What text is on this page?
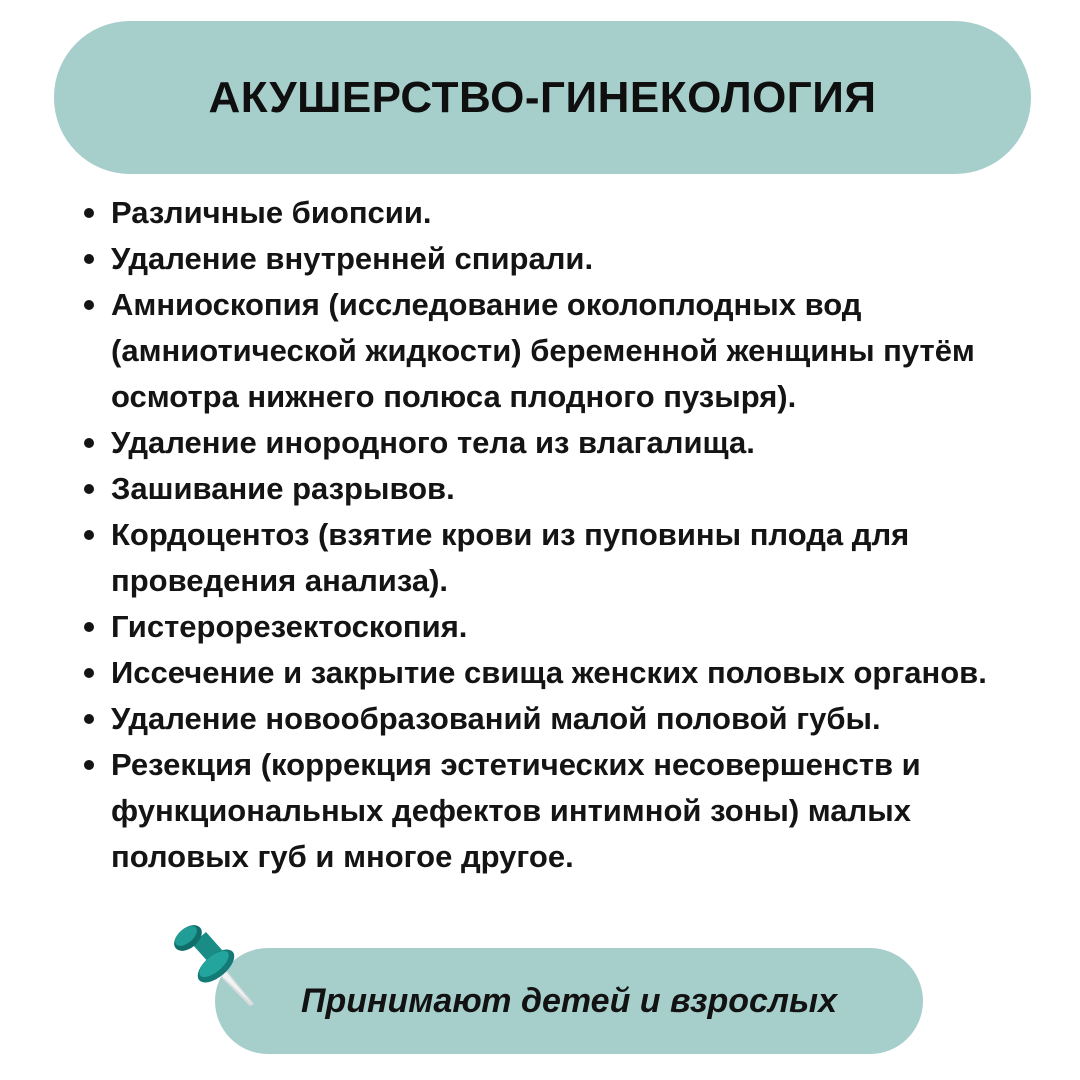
АКУШЕРСТВО-ГИНЕКОЛОГИЯ
Различные биопсии.
Удаление внутренней спирали.
Амниоскопия (исследование околоплодных вод (амниотической жидкости) беременной женщины путём осмотра нижнего полюса плодного пузыря).
Удаление инородного тела из влагалища.
Зашивание разрывов.
Кордоцентоз (взятие крови из пуповины плода для проведения анализа).
Гистерорезектоскопия.
Иссечение и закрытие свища женских половых органов.
Удаление новообразований малой половой губы.
Резекция (коррекция эстетических несовершенств и функциональных дефектов интимной зоны) малых половых губ и многое другое.
Принимают детей и взрослых
